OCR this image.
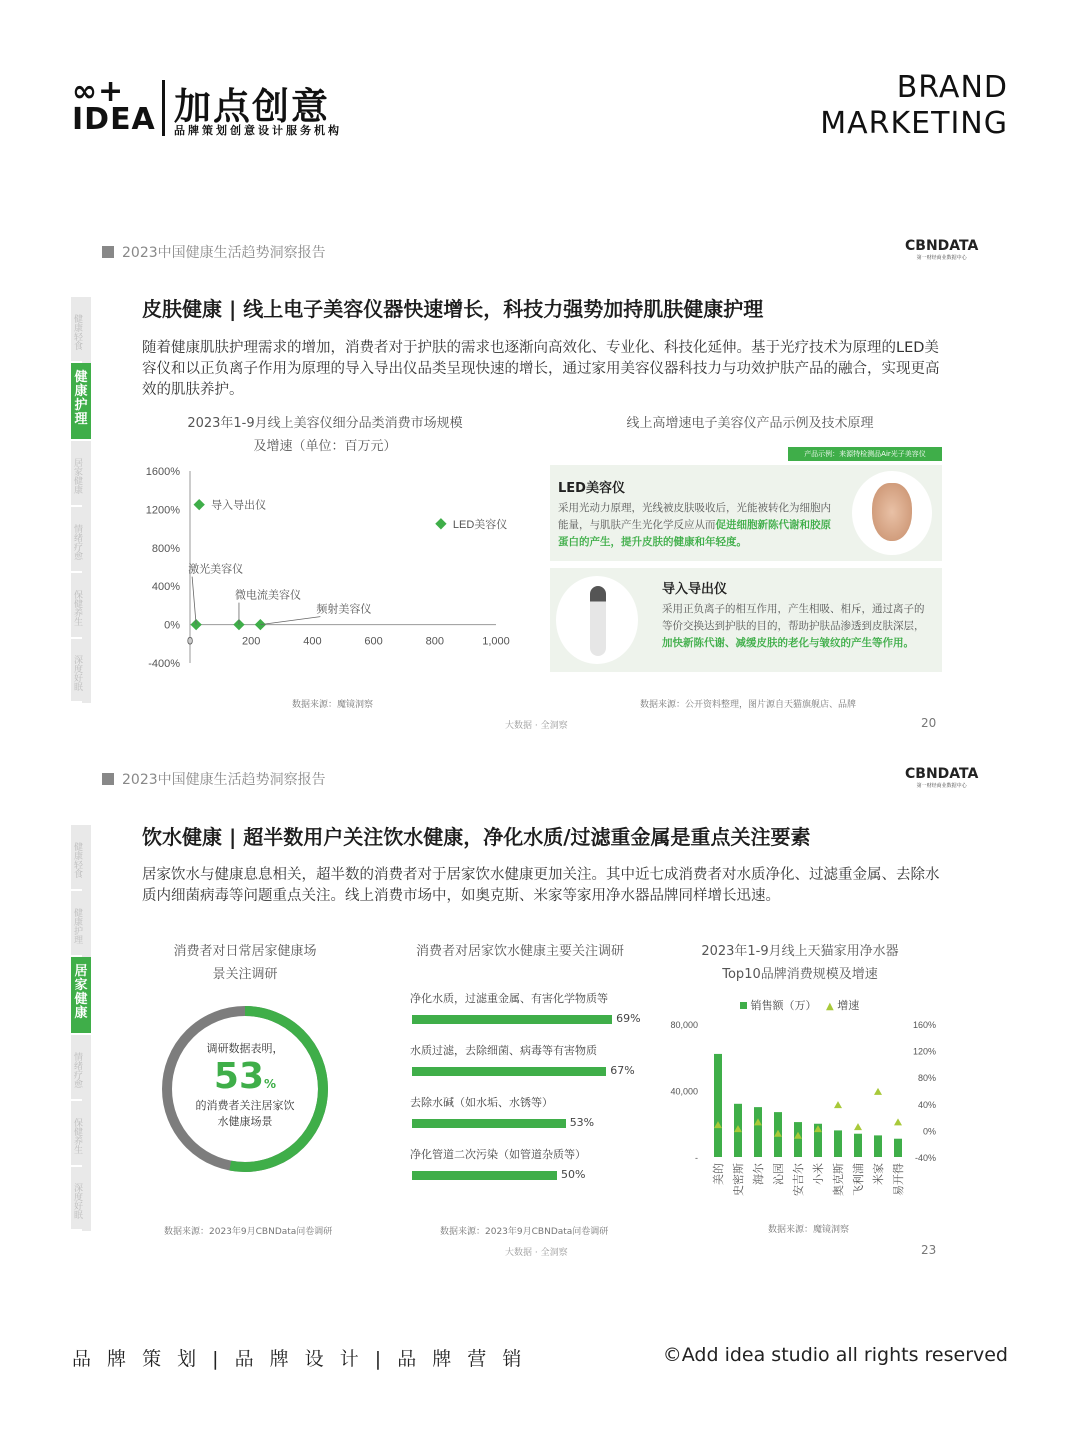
∞+
IDEA 加点创意
品牌策划创意设计服务机构
BRAND
MARKETING
2023中国健康生活趋势洞察报告	CBNDATA
第一财经商业数据中心
健康轻食
健康护理
居家健康
情绪疗愈
保健养生
深度好眠
皮肤健康 | 线上电子美容仪器快速增长，科技力强势加持肌肤健康护理
随着健康肌肤护理需求的增加，消费者对于护肤的需求也逐渐向高效化、专业化、科技化延伸。基于光疗技术为原理的LED美容仪和以正负离子作用为原理的导入导出仪品类呈现快速的增长，通过家用美容仪器科技力与功效护肤产品的融合，实现更高效的肌肤养护。
2023年1-9月线上美容仪细分品类消费市场规模
及增速（单位：百万元）
1600%
1200%
800%
400%
0%
-400%
0	200	400	600	800	1,000
导入导出仪
LED美容仪
激光美容仪
微电流美容仪
频射美容仪
数据来源：魔镜洞察
线上高增速电子美容仪产品示例及技术原理
产品示例：来源特检测品Air光子美容仪
LED美容仪

采用光动力原理，光线被皮肤吸收后，光能被转化为细胞内能量，与肌肤产生光化学反应从而促进细胞新陈代谢和胶原蛋白的产生，提升皮肤的健康和年轻度。

导入导出仪

采用正负离子的相互作用，产生相吸、相斥，通过离子的等价交换达到护肤的目的，帮助护肤品渗透到皮肤深层，加快新陈代谢、减缓皮肤的老化与皱纹的产生等作用。

数据来源：公开资料整理，图片源自天猫旗舰店、品牌
大数据 · 全洞察	20
2023中国健康生活趋势洞察报告	CBNDATA
第一财经商业数据中心
健康轻食
健康护理
居家健康
情绪疗愈
保健养生
深度好眠
饮水健康 | 超半数用户关注饮水健康，净化水质/过滤重金属是重点关注要素
居家饮水与健康息息相关，超半数的消费者对于居家饮水健康更加关注。其中近七成消费者对水质净化、过滤重金属、去除水质内细菌病毒等问题重点关注。线上消费市场中，如奥克斯、米家等家用净水器品牌同样增长迅速。
消费者对日常居家健康场
景关注调研
调研数据表明，
53%
的消费者关注居家饮
水健康场景
数据来源：2023年9月CBNData问卷调研
消费者对居家饮水健康主要关注调研
净化水质，过滤重金属、有害化学物质等
69%
水质过滤，去除细菌、病毒等有害物质
67%
去除水碱（如水垢、水锈等）
53%
净化管道二次污染（如管道杂质等）
50%
数据来源：2023年9月CBNData问卷调研
2023年1-9月线上天猫家用净水器
Top10品牌消费规模及增速
销售额（万） ▲ 增速
80,000
40,000
-
160%
120%
80%
40%
0%
-40%
美的 史密斯 海尔 沁园 安吉尔 小米 奥克斯 飞利浦 米家 易开得
数据来源：魔镜洞察
大数据 · 全洞察	23
品 牌 策 划 | 品 牌 设 计 | 品 牌 营 销	©Add idea studio all rights reserved
